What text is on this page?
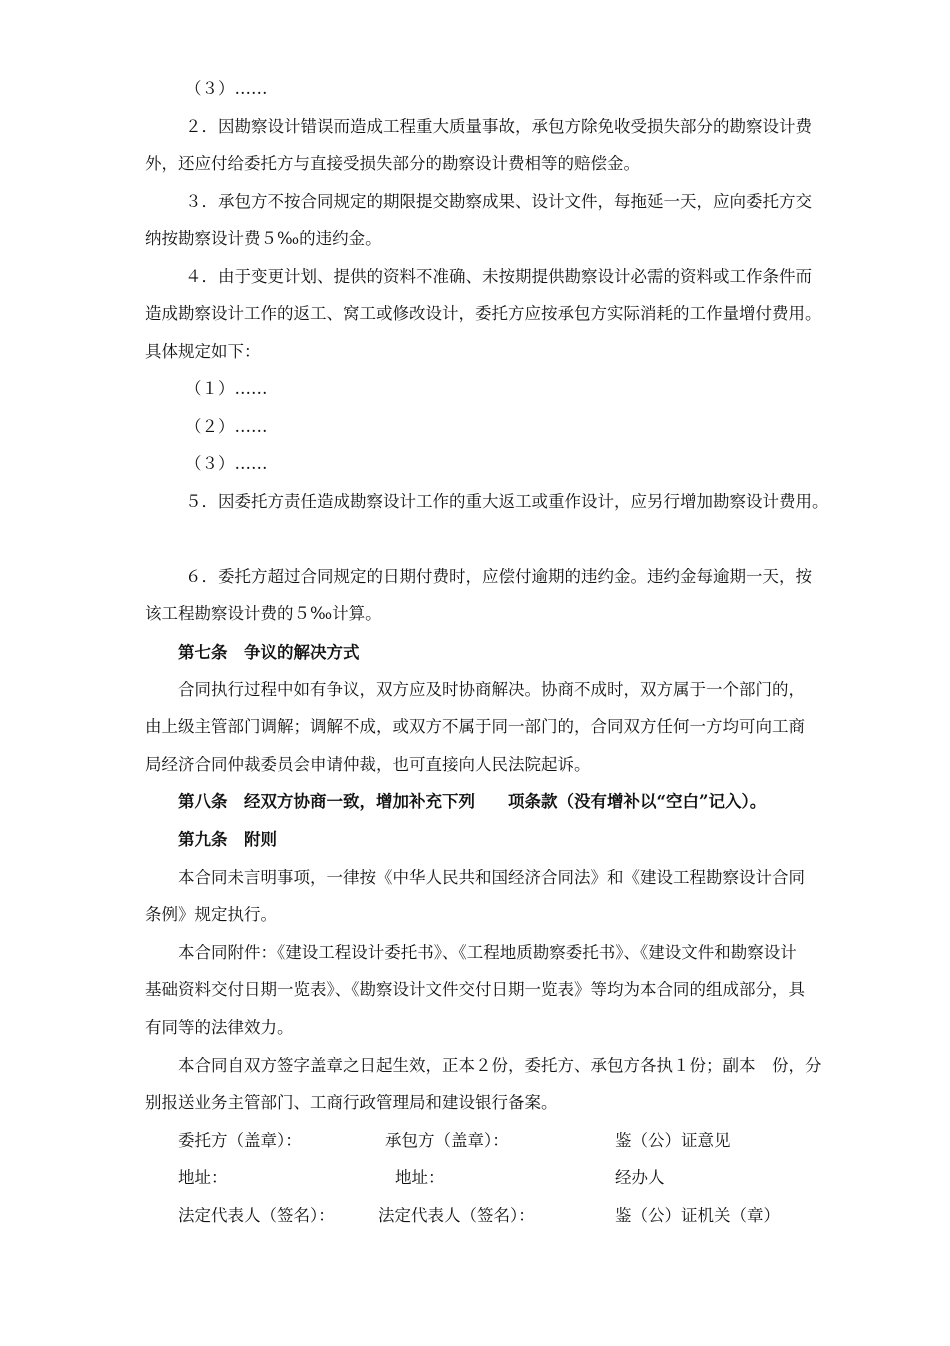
（３）……

２．因勘察设计错误而造成工程重大质量事故，承包方除免收受损失部分的勘察设计费

外，还应付给委托方与直接受损失部分的勘察设计费相等的赔偿金。

３．承包方不按合同规定的期限提交勘察成果、设计文件，每拖延一天，应向委托方交

纳按勘察设计费５‰的违约金。

４．由于变更计划、提供的资料不准确、未按期提供勘察设计必需的资料或工作条件而

造成勘察设计工作的返工、窝工或修改设计，委托方应按承包方实际消耗的工作量增付费用。

具体规定如下：

（１）……

（２）……

（３）……

５．因委托方责任造成勘察设计工作的重大返工或重作设计，应另行增加勘察设计费用。

６．委托方超过合同规定的日期付费时，应偿付逾期的违约金。违约金每逾期一天，按

该工程勘察设计费的５‰计算。

第七条　争议的解决方式

合同执行过程中如有争议，双方应及时协商解决。协商不成时，双方属于一个部门的，

由上级主管部门调解；调解不成，或双方不属于同一部门的，合同双方任何一方均可向工商

局经济合同仲裁委员会申请仲裁，也可直接向人民法院起诉。

第八条　经双方协商一致，增加补充下列　　项条款（没有增补以“空白”记入）。

第九条　附则

本合同未言明事项，一律按《中华人民共和国经济合同法》和《建设工程勘察设计合同

条例》规定执行。

本合同附件：《建设工程设计委托书》、《工程地质勘察委托书》、《建设文件和勘察设计

基础资料交付日期一览表》、《勘察设计文件交付日期一览表》等均为本合同的组成部分，具

有同等的法律效力。

本合同自双方签字盖章之日起生效，正本２份，委托方、承包方各执１份；副本　份，分

别报送业务主管部门、工商行政管理局和建设银行备案。

委托方（盖章）：	承包方（盖章）：	鉴（公）证意见
地址：	地址：	经办人
法定代表人（签名）：	法定代表人（签名）：	鉴（公）证机关（章）
